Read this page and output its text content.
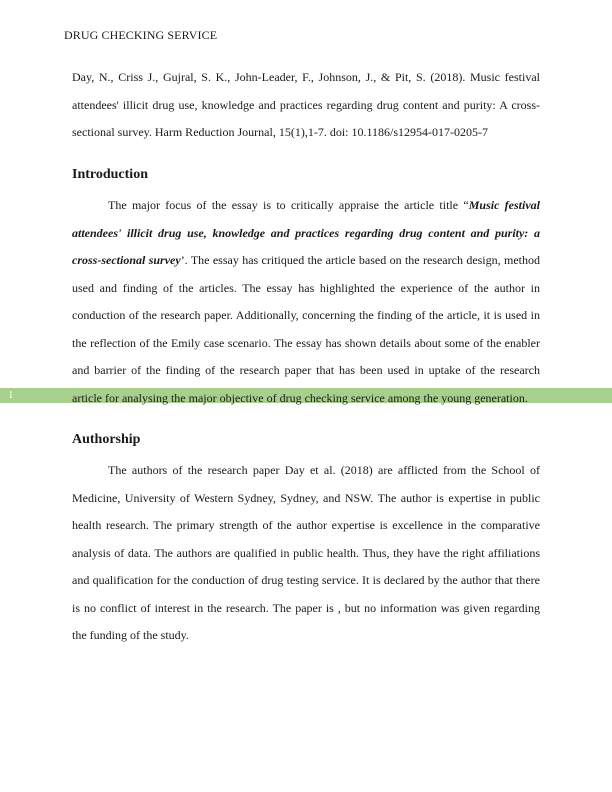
DRUG CHECKING SERVICE
1

Day, N., Criss J., Gujral, S. K., John-Leader, F., Johnson, J., & Pit, S. (2018). Music festival attendees' illicit drug use, knowledge and practices regarding drug content and purity: A cross-sectional survey. Harm Reduction Journal, 15(1),1-7. doi: 10.1186/s12954-017-0205-7

Introduction

The major focus of the essay is to critically appraise the article title “Music festival attendees' illicit drug use, knowledge and practices regarding drug content and purity: a cross-sectional survey’. The essay has critiqued the article based on the research design, method used and finding of the articles. The essay has highlighted the experience of the author in conduction of the research paper. Additionally, concerning the finding of the article, it is used in the reflection of the Emily case scenario. The essay has shown details about some of the enabler and barrier of the finding of the research paper that has been used in uptake of the research article for analysing the major objective of drug checking service among the young generation.

Authorship

The authors of the research paper Day et al. (2018) are afflicted from the School of Medicine, University of Western Sydney, Sydney, and NSW. The author is expertise in public health research. The primary strength of the author expertise is excellence in the comparative analysis of data. The authors are qualified in public health. Thus, they have the right affiliations and qualification for the conduction of drug testing service. It is declared by the author that there is no conflict of interest in the research. The paper is , but no information was given regarding the funding of the study.
